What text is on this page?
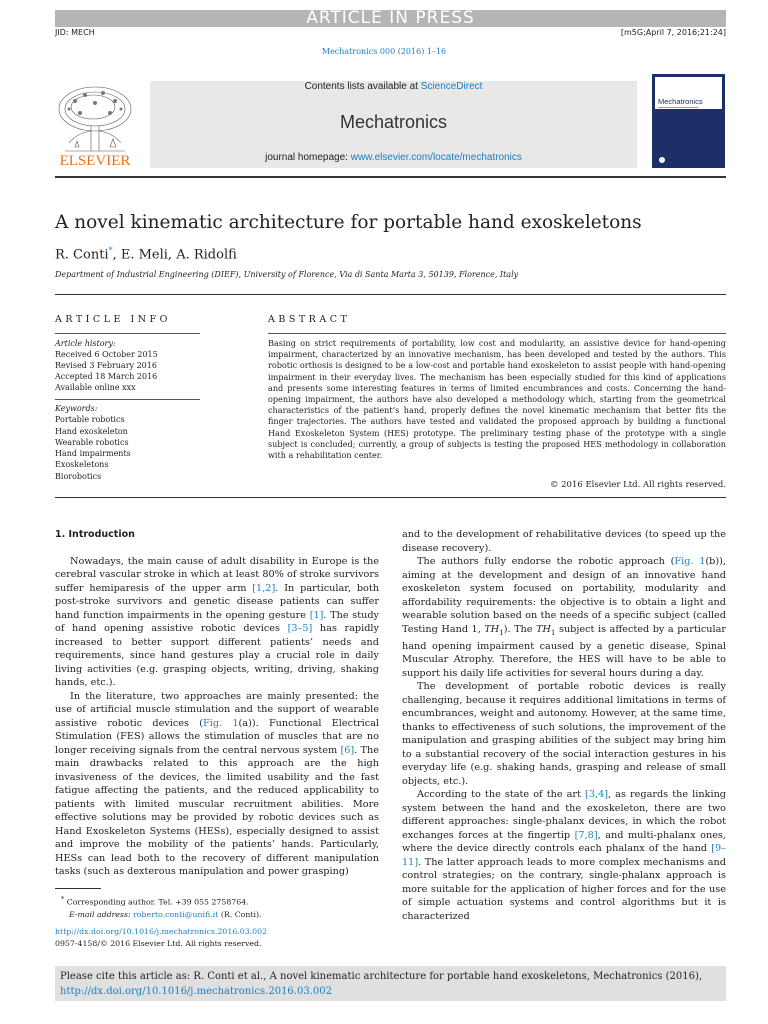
ARTICLE IN PRESS
JID: MECH	[m5G;April 7, 2016;21:24]
Mechatronics 000 (2016) 1–16
ELSEVIER
Contents lists available at ScienceDirect
Mechatronics
journal homepage: www.elsevier.com/locate/mechatronics
Mechatronics
A novel kinematic architecture for portable hand exoskeletons
R. Conti*, E. Meli, A. Ridolfi
Department of Industrial Engineering (DIEF), University of Florence, Via di Santa Marta 3, 50139, Florence, Italy
ARTICLE INFO
Article history:
Received 6 October 2015
Revised 3 February 2016
Accepted 18 March 2016
Available online xxx
Keywords:
Portable robotics
Hand exoskeleton
Wearable robotics
Hand impairments
Exoskeletons
Biorobotics
ABSTRACT
Basing on strict requirements of portability, low cost and modularity, an assistive device for hand-opening impairment, characterized by an innovative mechanism, has been developed and tested by the authors. This robotic orthosis is designed to be a low-cost and portable hand exoskeleton to assist people with hand-opening impairment in their everyday lives. The mechanism has been especially studied for this kind of applications and presents some interesting features in terms of limited encumbrances and costs. Concerning the hand-opening impairment, the authors have also developed a methodology which, starting from the geometrical characteristics of the patient’s hand, properly defines the novel kinematic mechanism that better fits the finger trajectories. The authors have tested and validated the proposed approach by building a functional Hand Exoskeleton System (HES) prototype. The preliminary testing phase of the prototype with a single subject is concluded; currently, a group of subjects is testing the proposed HES methodology in collaboration with a rehabilitation center.
© 2016 Elsevier Ltd. All rights reserved.
1. Introduction

Nowadays, the main cause of adult disability in Europe is the cerebral vascular stroke in which at least 80% of stroke survivors suffer hemiparesis of the upper arm [1,2]. In particular, both post-stroke survivors and genetic disease patients can suffer hand function impairments in the opening gesture [1]. The study of hand opening assistive robotic devices [3–5] has rapidly increased to better support different patients’ needs and requirements, since hand gestures play a crucial role in daily living activities (e.g. grasping objects, writing, driving, shaking hands, etc.).

In the literature, two approaches are mainly presented: the use of artificial muscle stimulation and the support of wearable assistive robotic devices (Fig. 1(a)). Functional Electrical Stimulation (FES) allows the stimulation of muscles that are no longer receiving signals from the central nervous system [6]. The main drawbacks related to this approach are the high invasiveness of the devices, the limited usability and the fast fatigue affecting the patients, and the reduced applicability to patients with limited muscular recruitment abilities. More effective solutions may be provided by robotic devices such as Hand Exoskeleton Systems (HESs), especially designed to assist and improve the mobility of the patients’ hands. Particularly, HESs can lead both to the recovery of different manipulation tasks (such as dexterous manipulation and power grasping)

and to the development of rehabilitative devices (to speed up the disease recovery).

The authors fully endorse the robotic approach (Fig. 1(b)), aiming at the development and design of an innovative hand exoskeleton system focused on portability, modularity and affordability requirements: the objective is to obtain a light and wearable solution based on the needs of a specific subject (called Testing Hand 1, $TH_1$). The $TH_1$ subject is affected by a particular hand opening impairment caused by a genetic disease, Spinal Muscular Atrophy. Therefore, the HES will have to be able to support his daily life activities for several hours during a day.

The development of portable robotic devices is really challenging, because it requires additional limitations in terms of encumbrances, weight and autonomy. However, at the same time, thanks to effectiveness of such solutions, the improvement of the manipulation and grasping abilities of the subject may bring him to a substantial recovery of the social interaction gestures in his everyday life (e.g. shaking hands, grasping and release of small objects, etc.).

According to the state of the art [3,4], as regards the linking system between the hand and the exoskeleton, there are two different approaches: single-phalanx devices, in which the robot exchanges forces at the fingertip [7,8], and multi-phalanx ones, where the device directly controls each phalanx of the hand [9–11]. The latter approach leads to more complex mechanisms and control strategies; on the contrary, single-phalanx approach is more suitable for the application of higher forces and for the use of simple actuation systems and control algorithms but it is characterized

* Corresponding author. Tel. +39 055 2758764.
E-mail address: roberto.conti@unifi.it (R. Conti).
http://dx.doi.org/10.1016/j.mechatronics.2016.03.002
0957-4158/© 2016 Elsevier Ltd. All rights reserved.
Please cite this article as: R. Conti et al., A novel kinematic architecture for portable hand exoskeletons, Mechatronics (2016),
http://dx.doi.org/10.1016/j.mechatronics.2016.03.002
